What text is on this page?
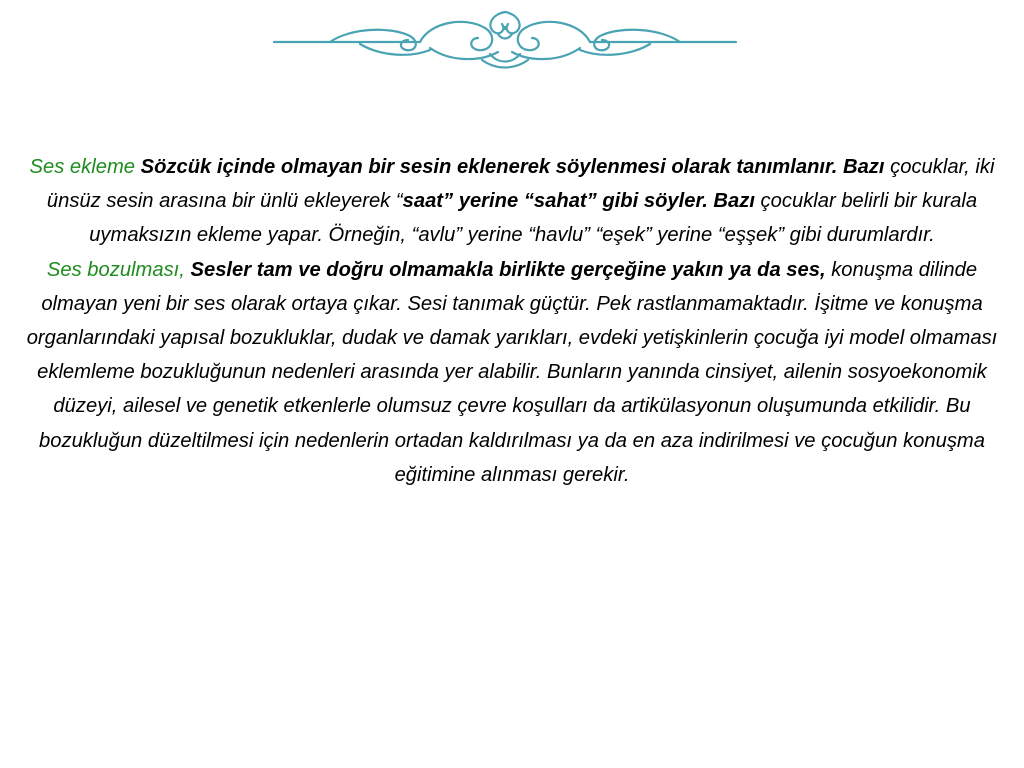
Ses ekleme Sözcük içinde olmayan bir sesin eklenerek söylenmesi olarak tanımlanır. Bazı çocuklar, iki ünsüz sesin arasına bir ünlü ekleyerek “saat” yerine “sahat” gibi söyler. Bazı çocuklar belirli bir kurala uymaksızın ekleme yapar. Örneğin, “avlu” yerine “havlu” “eşek” yerine “eşşek” gibi durumlardır.

Ses bozulması, Sesler tam ve doğru olmamakla birlikte gerçeğine yakın ya da ses, konuşma dilinde olmayan yeni bir ses olarak ortaya çıkar. Sesi tanımak güçtür. Pek rastlanmamaktadır. İşitme ve konuşma organlarındaki yapısal bozukluklar, dudak ve damak yarıkları, evdeki yetişkinlerin çocuğa iyi model olmaması eklemleme bozukluğunun nedenleri arasında yer alabilir. Bunların yanında cinsiyet, ailenin sosyoekonomik düzeyi, ailesel ve genetik etkenlerle olumsuz çevre koşulları da artikülasyonun oluşumunda etkilidir. Bu bozukluğun düzeltilmesi için nedenlerin ortadan kaldırılması ya da en aza indirilmesi ve çocuğun konuşma eğitimine alınması gerekir.
